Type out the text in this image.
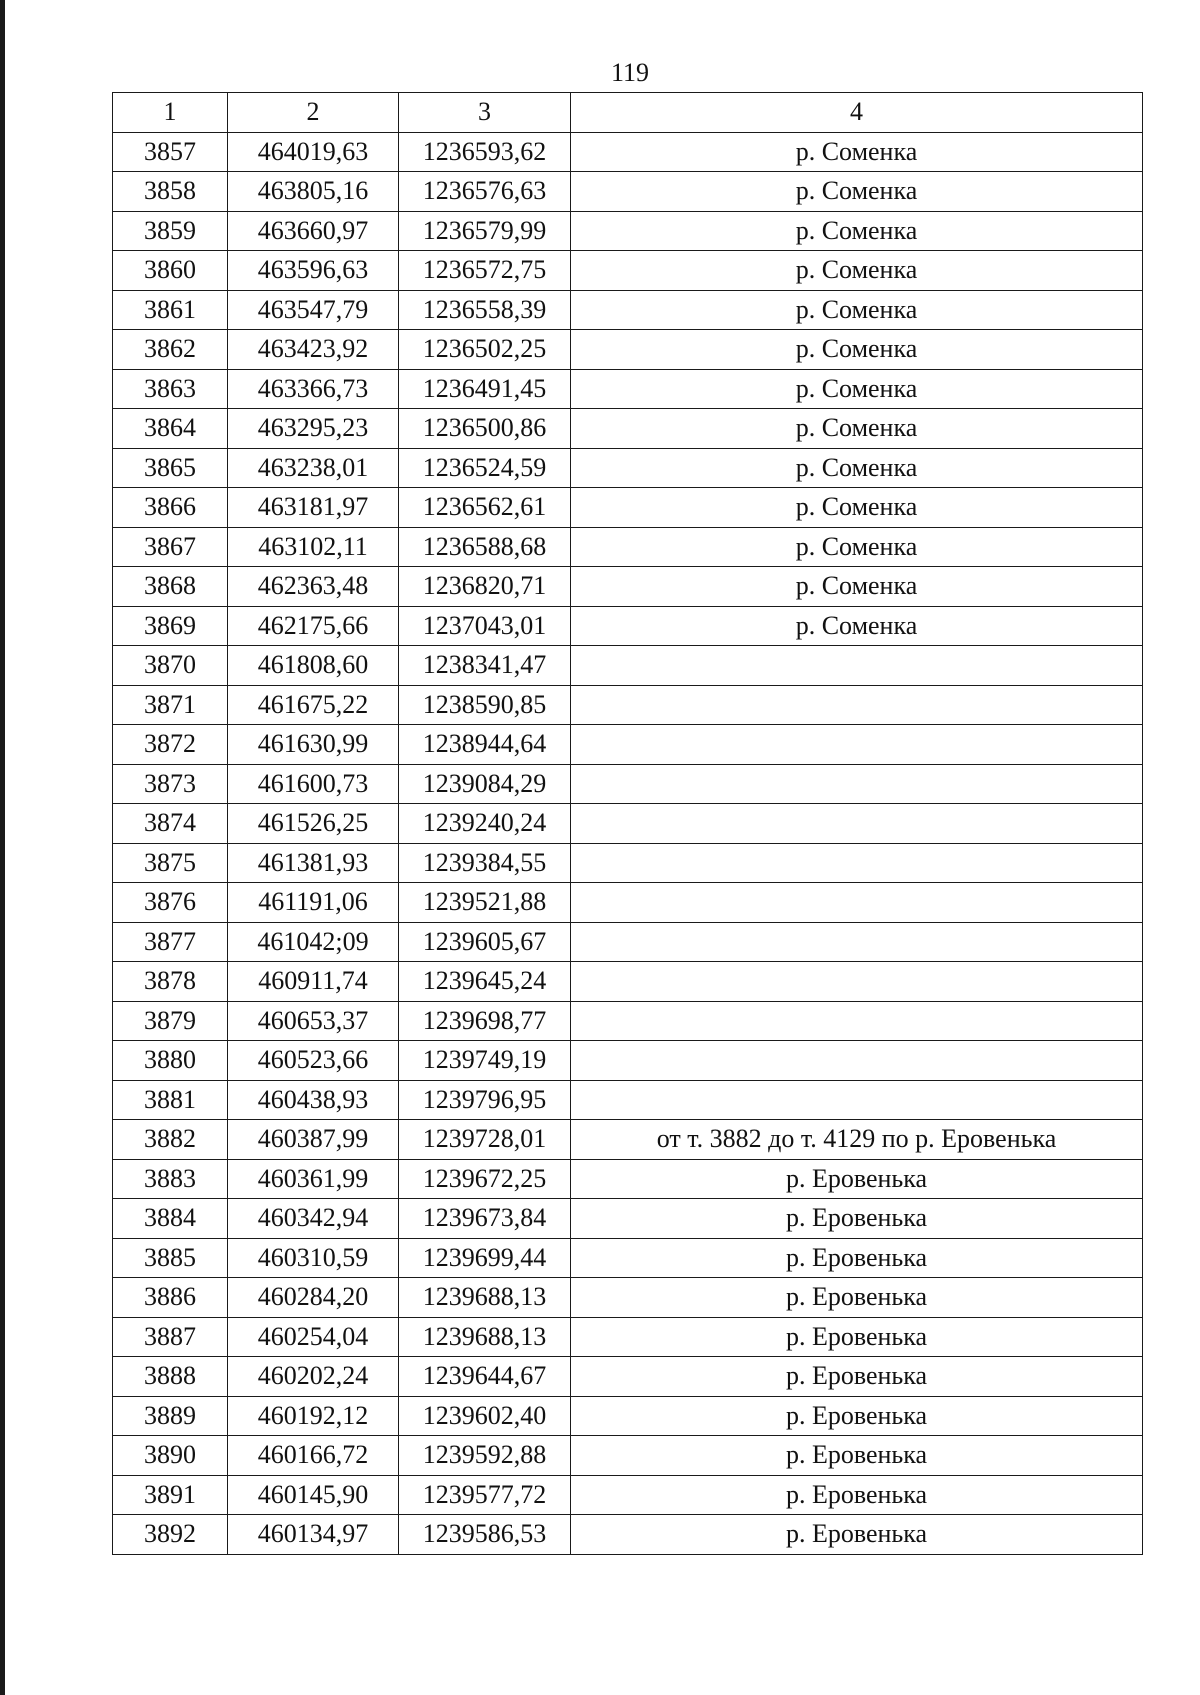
119
1	2	3	4
3857	464019,63	1236593,62	р. Соменка
3858	463805,16	1236576,63	р. Соменка
3859	463660,97	1236579,99	р. Соменка
3860	463596,63	1236572,75	р. Соменка
3861	463547,79	1236558,39	р. Соменка
3862	463423,92	1236502,25	р. Соменка
3863	463366,73	1236491,45	р. Соменка
3864	463295,23	1236500,86	р. Соменка
3865	463238,01	1236524,59	р. Соменка
3866	463181,97	1236562,61	р. Соменка
3867	463102,11	1236588,68	р. Соменка
3868	462363,48	1236820,71	р. Соменка
3869	462175,66	1237043,01	р. Соменка
3870	461808,60	1238341,47	
3871	461675,22	1238590,85	
3872	461630,99	1238944,64	
3873	461600,73	1239084,29	
3874	461526,25	1239240,24	
3875	461381,93	1239384,55	
3876	461191,06	1239521,88	
3877	461042;09	1239605,67	
3878	460911,74	1239645,24	
3879	460653,37	1239698,77	
3880	460523,66	1239749,19	
3881	460438,93	1239796,95	
3882	460387,99	1239728,01	от т. 3882 до т. 4129 по р. Еровенька
3883	460361,99	1239672,25	р. Еровенька
3884	460342,94	1239673,84	р. Еровенька
3885	460310,59	1239699,44	р. Еровенька
3886	460284,20	1239688,13	р. Еровенька
3887	460254,04	1239688,13	р. Еровенька
3888	460202,24	1239644,67	р. Еровенька
3889	460192,12	1239602,40	р. Еровенька
3890	460166,72	1239592,88	р. Еровенька
3891	460145,90	1239577,72	р. Еровенька
3892	460134,97	1239586,53	р. Еровенька
